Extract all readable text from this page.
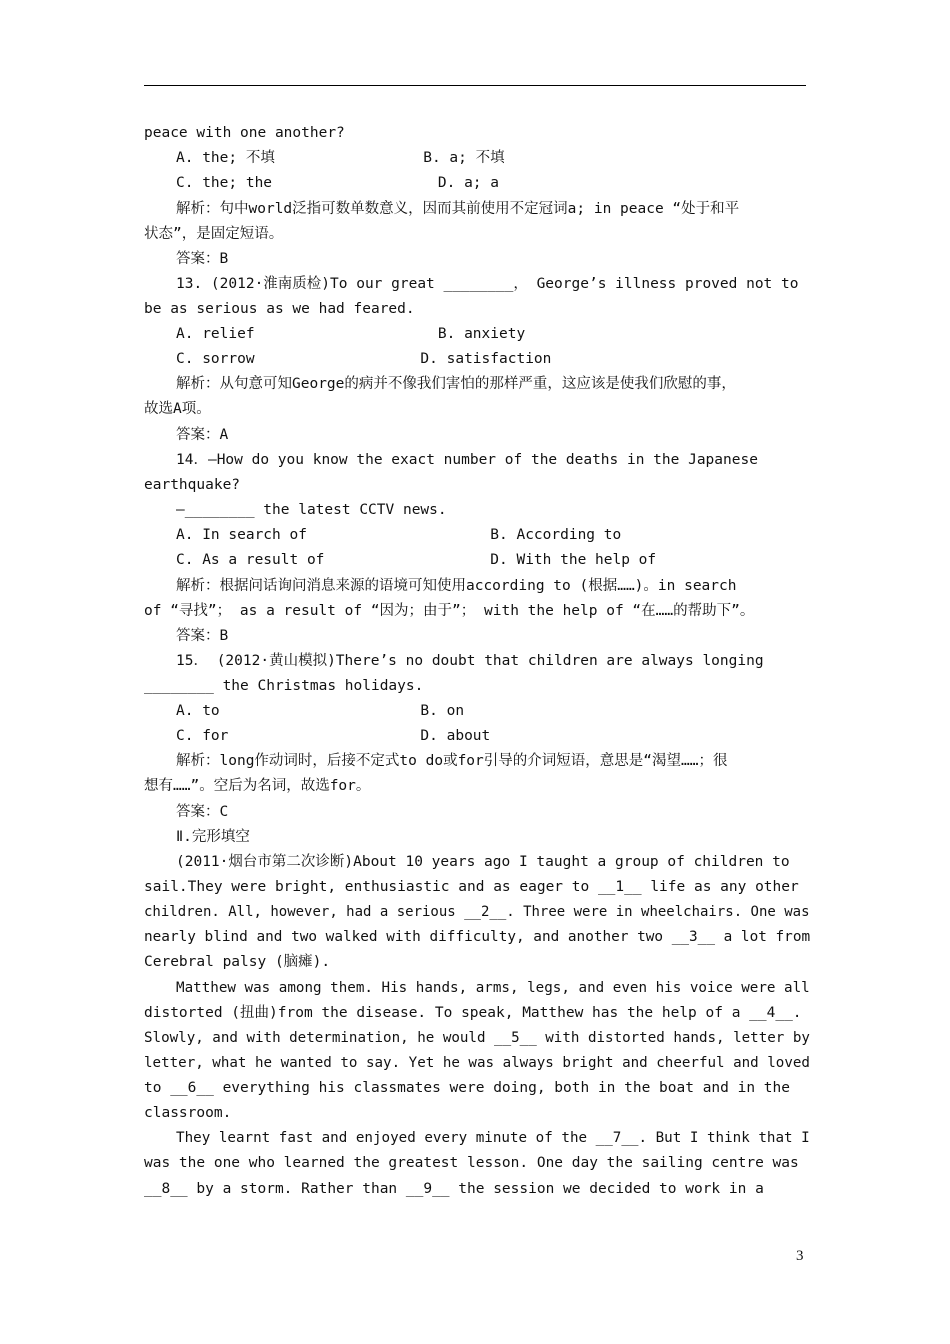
peace with one another?
A. the; 不填                 B. a; 不填
C. the; the                   D. a; a
解析：句中world泛指可数单数意义，因而其前使用不定冠词a; in peace “处于和平
状态”，是固定短语。
答案：B
13. (2012·淮南质检)To our great ________， George’s illness proved not to
be as serious as we had feared.
A. relief                     B. anxiety
C. sorrow                   D. satisfaction
解析：从句意可知George的病并不像我们害怕的那样严重，这应该是使我们欣慰的事，
故选A项。
答案：A
14．—How do you know the exact number of the deaths in the Japanese
earthquake?
—________ the latest CCTV news.
A. In search of                     B. According to
C. As a result of                   D. With the help of
解析：根据问话询问消息来源的语境可知使用according to (根据……)。in search
of “寻找”； as a result of “因为；由于”； with the help of “在……的帮助下”。
答案：B
15． (2012·黄山模拟)There’s no doubt that children are always longing
________ the Christmas holidays.
A. to                       B. on
C. for                      D. about
解析：long作动词时，后接不定式to do或for引导的介词短语，意思是“渴望……；很
想有……”。空后为名词，故选for。
答案：C
Ⅱ.完形填空
(2011·烟台市第二次诊断)About 10 years ago I taught a group of children to
sail.They were bright, enthusiastic and as eager to __1__ life as any other
children. All, however, had a serious __2__. Three were in wheelchairs. One was
nearly blind and two walked with difficulty, and another two __3__ a lot from
Cerebral palsy (脑瘫).
Matthew was among them. His hands, arms, legs, and even his voice were all
distorted (扭曲)from the disease. To speak, Matthew has the help of a __4__.
Slowly, and with determination, he would __5__ with distorted hands, letter by
letter, what he wanted to say. Yet he was always bright and cheerful and loved
to __6__ everything his classmates were doing, both in the boat and in the
classroom.
They learnt fast and enjoyed every minute of the __7__. But I think that I
was the one who learned the greatest lesson. One day the sailing centre was
__8__ by a storm. Rather than __9__ the session we decided to work in a
3
